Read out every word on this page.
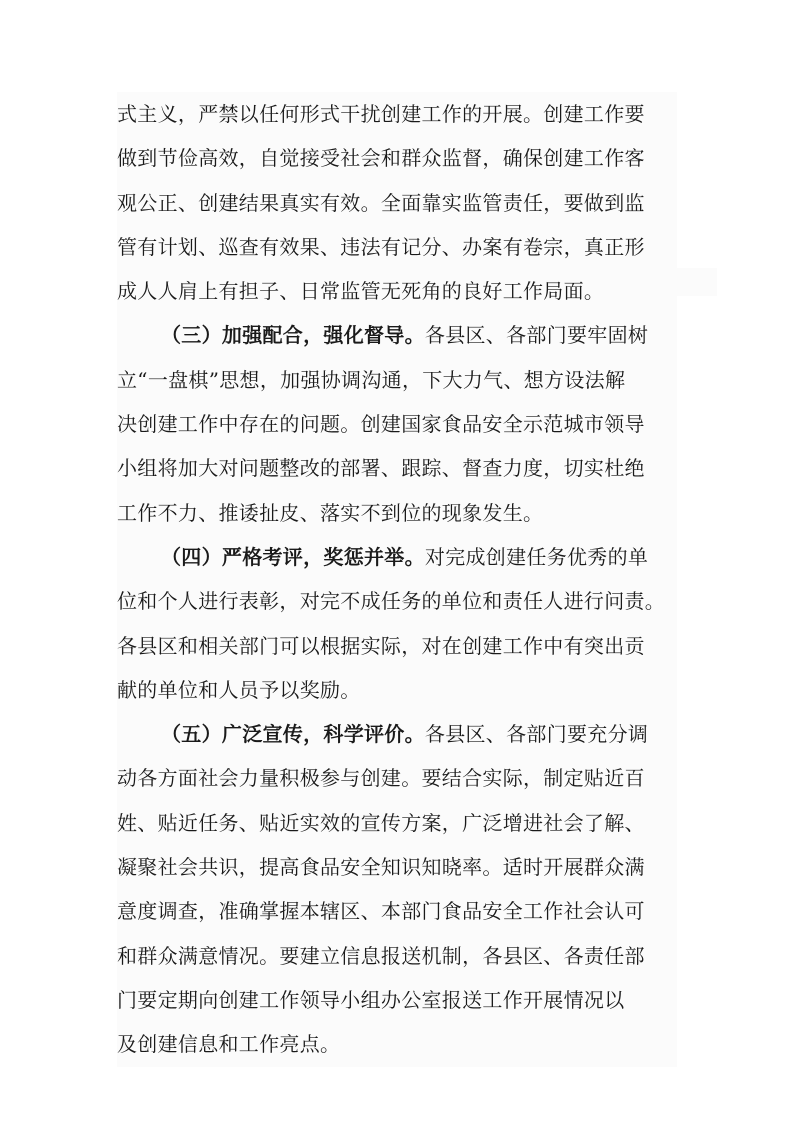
式主义，严禁以任何形式干扰创建工作的开展。创建工作要
做到节俭高效，自觉接受社会和群众监督，确保创建工作客
观公正、创建结果真实有效。全面靠实监管责任，要做到监
管有计划、巡查有效果、违法有记分、办案有卷宗，真正形
成人人肩上有担子、日常监管无死角的良好工作局面。
（三）加强配合，强化督导。各县区、各部门要牢固树
立“一盘棋”思想，加强协调沟通，下大力气、想方设法解
决创建工作中存在的问题。创建国家食品安全示范城市领导
小组将加大对问题整改的部署、跟踪、督查力度，切实杜绝
工作不力、推诿扯皮、落实不到位的现象发生。
（四）严格考评，奖惩并举。对完成创建任务优秀的单
位和个人进行表彰，对完不成任务的单位和责任人进行问责。
各县区和相关部门可以根据实际，对在创建工作中有突出贡
献的单位和人员予以奖励。
（五）广泛宣传，科学评价。各县区、各部门要充分调
动各方面社会力量积极参与创建。要结合实际，制定贴近百
姓、贴近任务、贴近实效的宣传方案，广泛增进社会了解、
凝聚社会共识，提高食品安全知识知晓率。适时开展群众满
意度调查，准确掌握本辖区、本部门食品安全工作社会认可
和群众满意情况。要建立信息报送机制，各县区、各责任部
门要定期向创建工作领导小组办公室报送工作开展情况以
及创建信息和工作亮点。
